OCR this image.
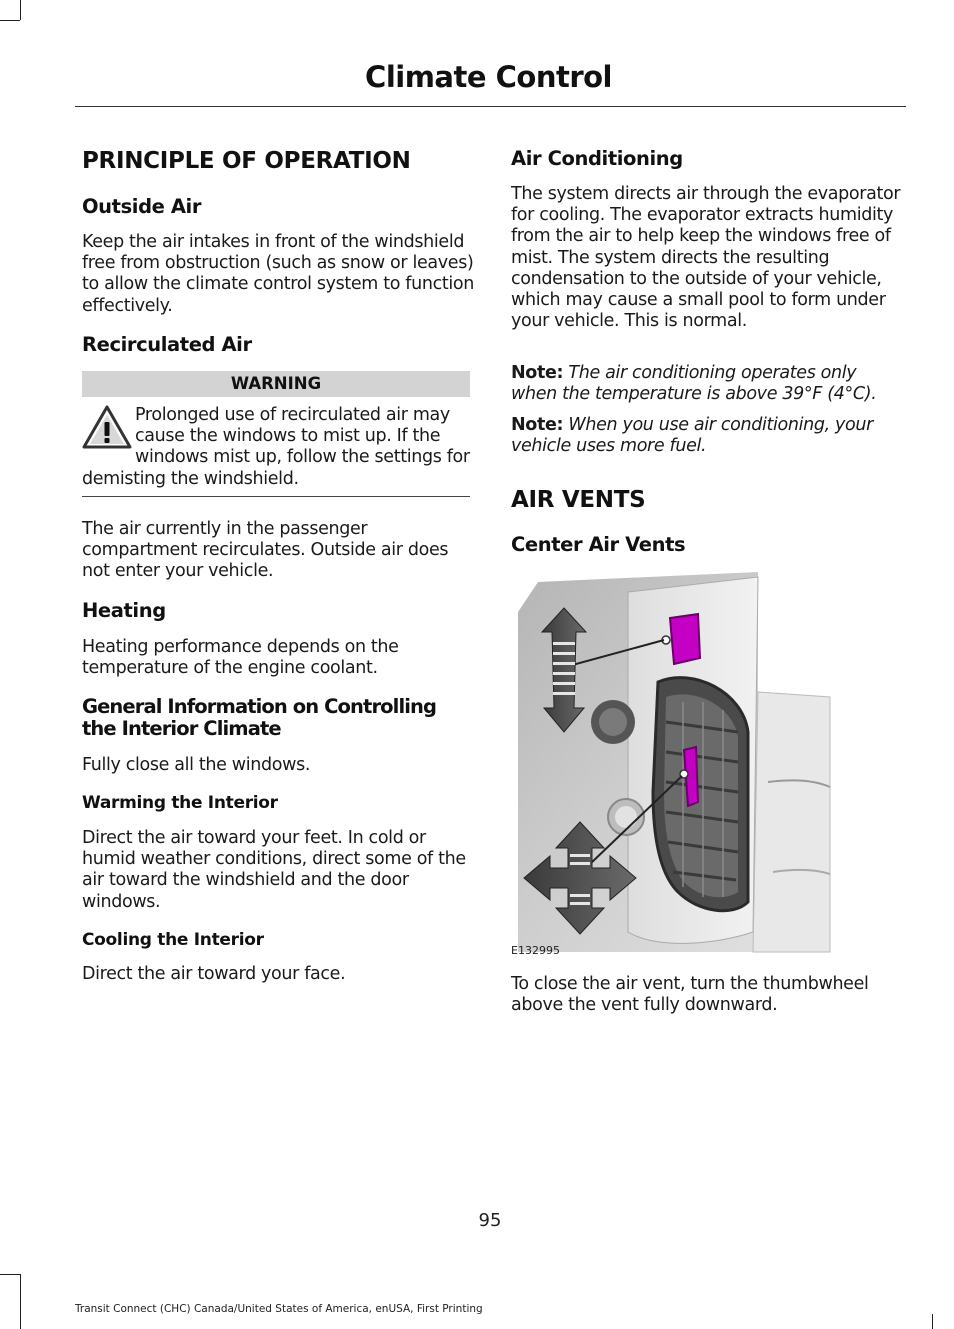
Climate Control
PRINCIPLE OF OPERATION
Outside Air

Keep the air intakes in front of the windshield free from obstruction (such as snow or leaves) to allow the climate control system to function effectively.

Recirculated Air
WARNING

Prolonged use of recirculated air may cause the windows to mist up. If the windows mist up, follow the settings for demisting the windshield.

The air currently in the passenger compartment recirculates. Outside air does not enter your vehicle.

Heating

Heating performance depends on the temperature of the engine coolant.

General Information on Controlling the Interior Climate

Fully close all the windows.

Warming the Interior

Direct the air toward your feet. In cold or humid weather conditions, direct some of the air toward the windshield and the door windows.

Cooling the Interior

Direct the air toward your face.

Air Conditioning

The system directs air through the evaporator for cooling. The evaporator extracts humidity from the air to help keep the windows free of mist. The system directs the resulting condensation to the outside of your vehicle, which may cause a small pool to form under your vehicle. This is normal.

Note: The air conditioning operates only when the temperature is above 39°F (4°C).

Note: When you use air conditioning, your vehicle uses more fuel.

AIR VENTS
Center Air Vents

To close the air vent, turn the thumbwheel above the vent fully downward.

E132995
95
Transit Connect (CHC) Canada/United States of America, enUSA, First Printing
